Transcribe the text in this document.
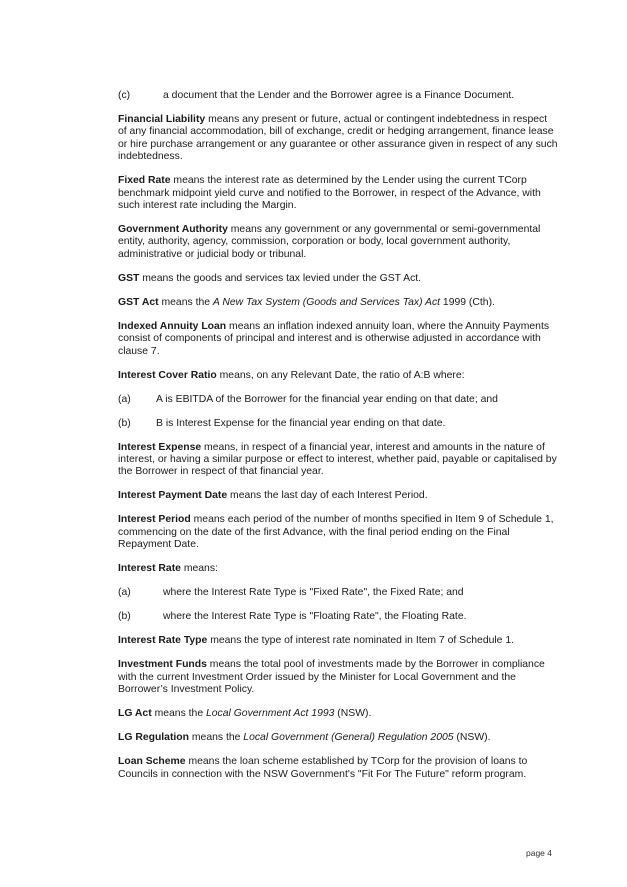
(c)	a document that the Lender and the Borrower agree is a Finance Document.

Financial Liability means any present or future, actual or contingent indebtedness in respect of any financial accommodation, bill of exchange, credit or hedging arrangement, finance lease or hire purchase arrangement or any guarantee or other assurance given in respect of any such indebtedness.

Fixed Rate means the interest rate as determined by the Lender using the current TCorp benchmark midpoint yield curve and notified to the Borrower, in respect of the Advance, with such interest rate including the Margin.

Government Authority means any government or any governmental or semi-governmental entity, authority, agency, commission, corporation or body, local government authority, administrative or judicial body or tribunal.

GST means the goods and services tax levied under the GST Act.

GST Act means the A New Tax System (Goods and Services Tax) Act 1999 (Cth).

Indexed Annuity Loan means an inflation indexed annuity loan, where the Annuity Payments consist of components of principal and interest and is otherwise adjusted in accordance with clause 7.

Interest Cover Ratio means, on any Relevant Date, the ratio of A:B where:

(a)	A is EBITDA of the Borrower for the financial year ending on that date; and
(b)	B is Interest Expense for the financial year ending on that date.

Interest Expense means, in respect of a financial year, interest and amounts in the nature of interest, or having a similar purpose or effect to interest, whether paid, payable or capitalised by the Borrower in respect of that financial year.

Interest Payment Date means the last day of each Interest Period.

Interest Period means each period of the number of months specified in Item 9 of Schedule 1, commencing on the date of the first Advance, with the final period ending on the Final Repayment Date.

Interest Rate means:

(a)	where the Interest Rate Type is "Fixed Rate", the Fixed Rate; and
(b)	where the Interest Rate Type is "Floating Rate", the Floating Rate.

Interest Rate Type means the type of interest rate nominated in Item 7 of Schedule 1.

Investment Funds means the total pool of investments made by the Borrower in compliance with the current Investment Order issued by the Minister for Local Government and the Borrower’s Investment Policy.

LG Act means the Local Government Act 1993 (NSW).

LG Regulation means the Local Government (General) Regulation 2005 (NSW).

Loan Scheme means the loan scheme established by TCorp for the provision of loans to Councils in connection with the NSW Government's "Fit For The Future" reform program.

page 4
